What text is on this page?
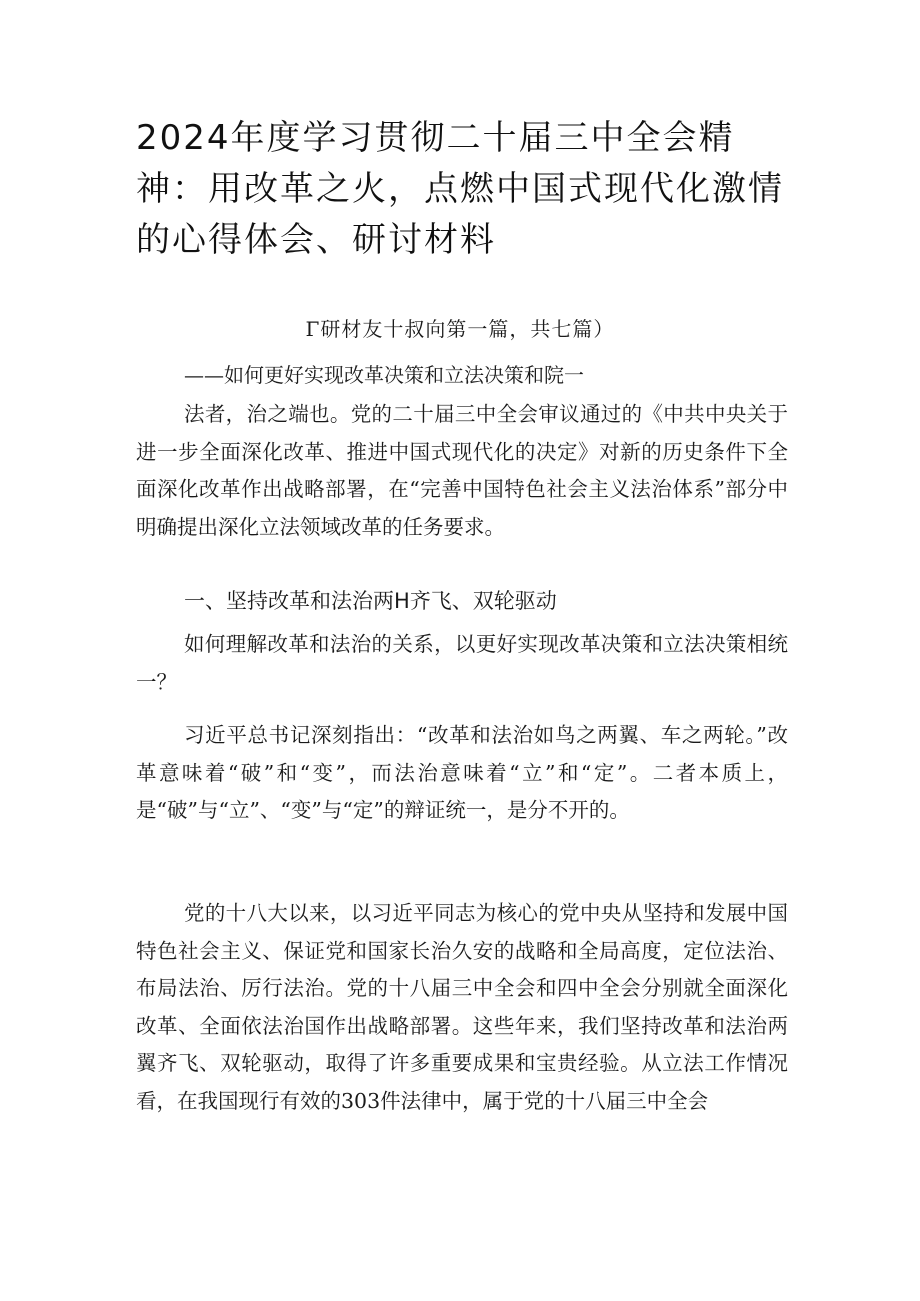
2024年度学习贯彻二十届三中全会精神：用改革之火，点燃中国式现代化激情的心得体会、研讨材料

Γ研材友十叔向第一篇，共七篇）

——如何更好实现改革决策和立法决策和院一

法者，治之端也。党的二十届三中全会审议通过的《中共中央关于进一步全面深化改革、推进中国式现代化的决定》对新的历史条件下全面深化改革作出战略部署，在“完善中国特色社会主义法治体系”部分中明确提出深化立法领域改革的任务要求。

一、坚持改革和法治两H齐飞、双轮驱动

如何理解改革和法治的关系，以更好实现改革决策和立法决策相统一？

习近平总书记深刻指出：“改革和法治如鸟之两翼、车之两轮。”改革意味着“破”和“变”，而法治意味着“立”和“定”。二者本质上，是“破”与“立”、“变”与“定”的辩证统一，是分不开的。

党的十八大以来，以习近平同志为核心的党中央从坚持和发展中国特色社会主义、保证党和国家长治久安的战略和全局高度，定位法治、布局法治、厉行法治。党的十八届三中全会和四中全会分别就全面深化改革、全面依法治国作出战略部署。这些年来，我们坚持改革和法治两翼齐飞、双轮驱动，取得了许多重要成果和宝贵经验。从立法工作情况看，在我国现行有效的303件法律中，属于党的十八届三中全会
